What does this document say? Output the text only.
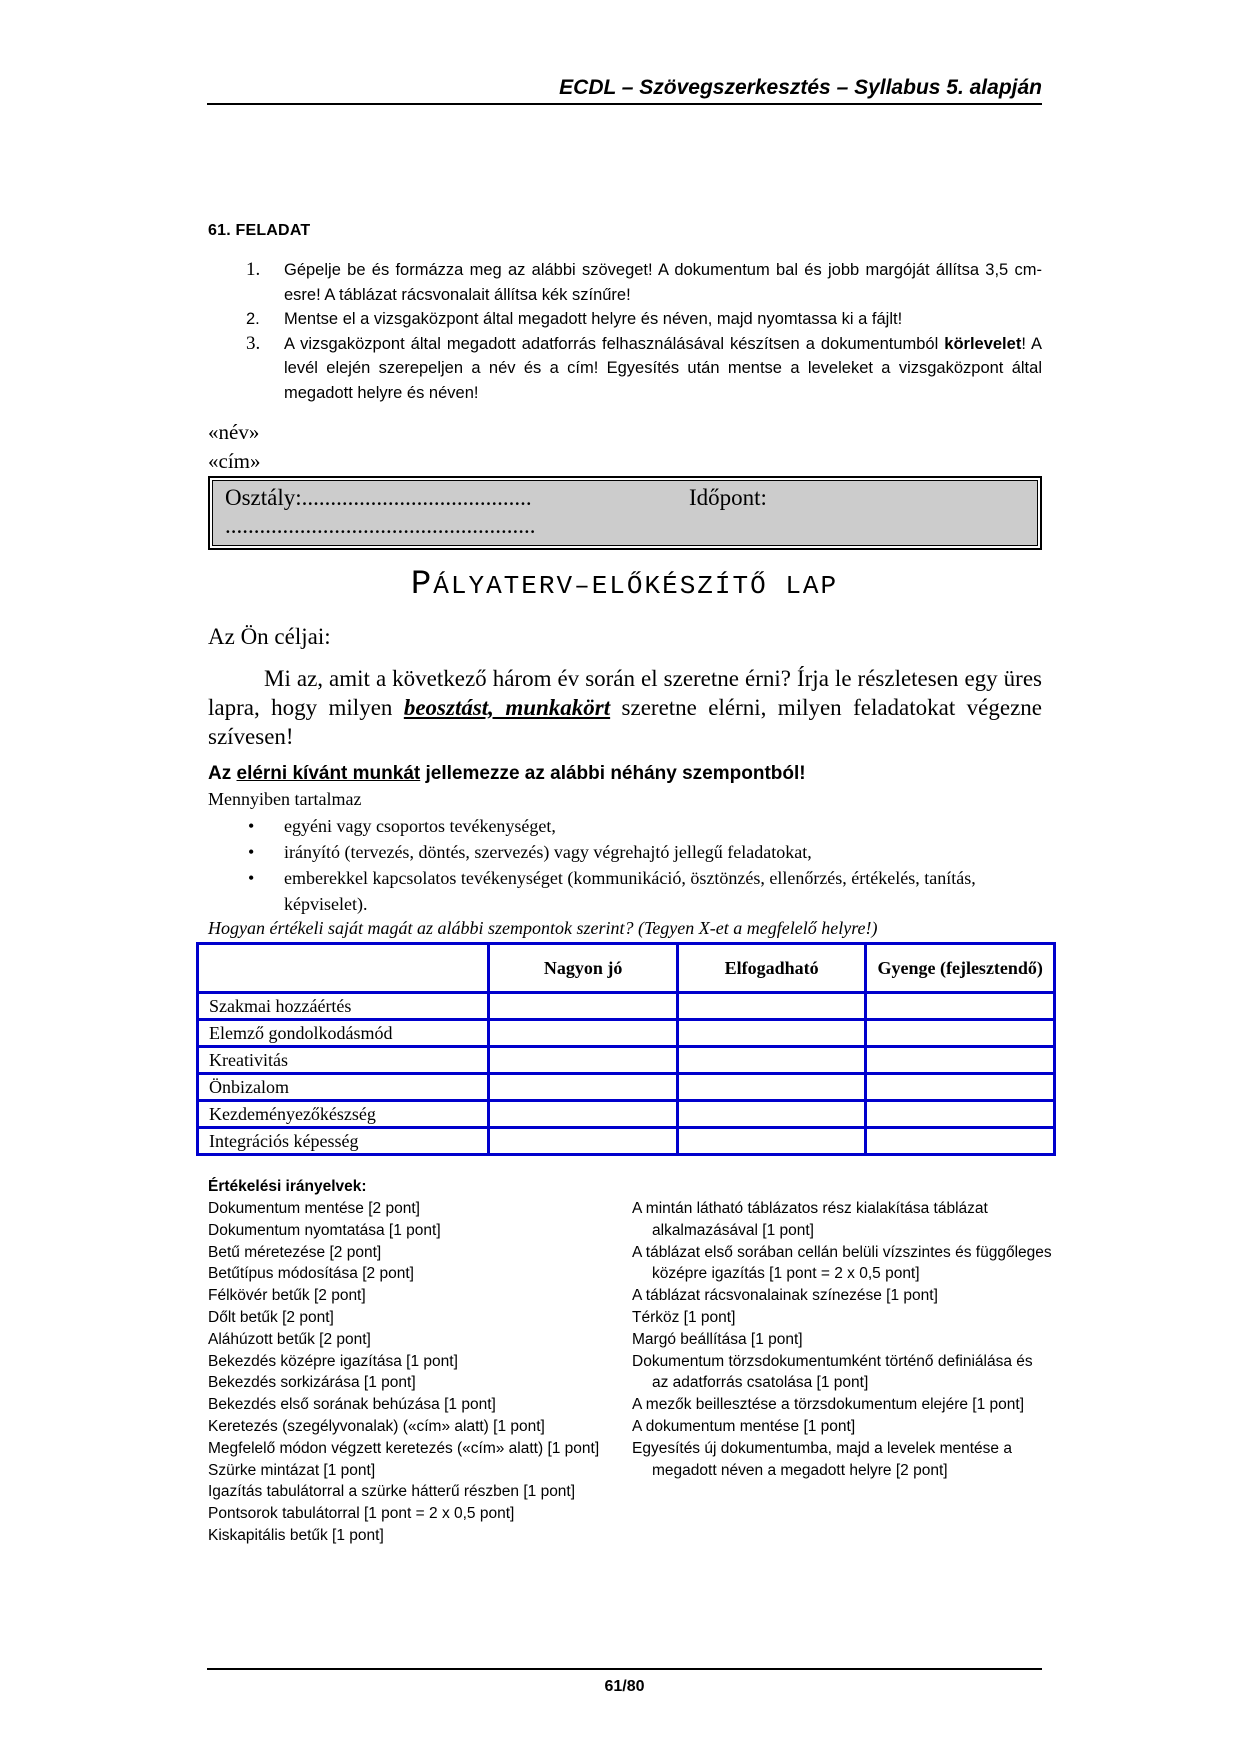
ECDL – Szövegszerkesztés – Syllabus 5. alapján
61. FELADAT
1.	Gépelje be és formázza meg az alábbi szöveget! A dokumentum bal és jobb margóját állítsa 3,5 cm-esre! A táblázat rácsvonalait állítsa kék színűre!
2.	Mentse el a vizsgaközpont által megadott helyre és néven, majd nyomtassa ki a fájlt!
3.	A vizsgaközpont által megadott adatforrás felhasználásával készítsen a dokumentumból körlevelet! A levél elején szerepeljen a név és a cím! Egyesítés után mentse a leveleket a vizsgaközpont által megadott helyre és néven!
«név»
«cím»
Osztály:........................................	Időpont:
......................................................
PÁLYATERV–ELŐKÉSZÍTŐ LAP
Az Ön céljai:
Mi az, amit a következő három év során el szeretne érni? Írja le részletesen egy üres lapra, hogy milyen beosztást, munkakört szeretne elérni, milyen feladatokat végezne szívesen!
Az elérni kívánt munkát jellemezze az alábbi néhány szempontból!
Mennyiben tartalmaz
•	egyéni vagy csoportos tevékenységet,
•	irányító (tervezés, döntés, szervezés) vagy végrehajtó jellegű feladatokat,
•	emberekkel kapcsolatos tevékenységet (kommunikáció, ösztönzés, ellenőrzés, értékelés, tanítás, képviselet).
Hogyan értékeli saját magát az alábbi szempontok szerint? (Tegyen X-et a megfelelő helyre!)
	Nagyon jó	Elfogadható	Gyenge (fejlesztendő)
Szakmai hozzáértés			
Elemző gondolkodásmód			
Kreativitás			
Önbizalom			
Kezdeményezőkészség			
Integrációs képesség			
Értékelési irányelvek:
Dokumentum mentése [2 pont]
Dokumentum nyomtatása [1 pont]
Betű méretezése [2 pont]
Betűtípus módosítása [2 pont]
Félkövér betűk [2 pont]
Dőlt betűk [2 pont]
Aláhúzott betűk [2 pont]
Bekezdés középre igazítása [1 pont]
Bekezdés sorkizárása [1 pont]
Bekezdés első sorának behúzása [1 pont]
Keretezés (szegélyvonalak) («cím» alatt) [1 pont]
Megfelelő módon végzett keretezés («cím» alatt) [1 pont]
Szürke mintázat [1 pont]
Igazítás tabulátorral a szürke hátterű részben [1 pont]
Pontsorok tabulátorral [1 pont = 2 x 0,5 pont]
Kiskapitális betűk [1 pont]
A mintán látható táblázatos rész kialakítása táblázat alkalmazásával [1 pont]
A táblázat első sorában cellán belüli vízszintes és függőleges középre igazítás [1 pont = 2 x 0,5 pont]
A táblázat rácsvonalainak színezése [1 pont]
Térköz [1 pont]
Margó beállítása [1 pont]
Dokumentum törzsdokumentumként történő definiálása és az adatforrás csatolása [1 pont]
A mezők beillesztése a törzsdokumentum elejére [1 pont]
A dokumentum mentése [1 pont]
Egyesítés új dokumentumba, majd a levelek mentése a megadott néven a megadott helyre [2 pont]
61/80
